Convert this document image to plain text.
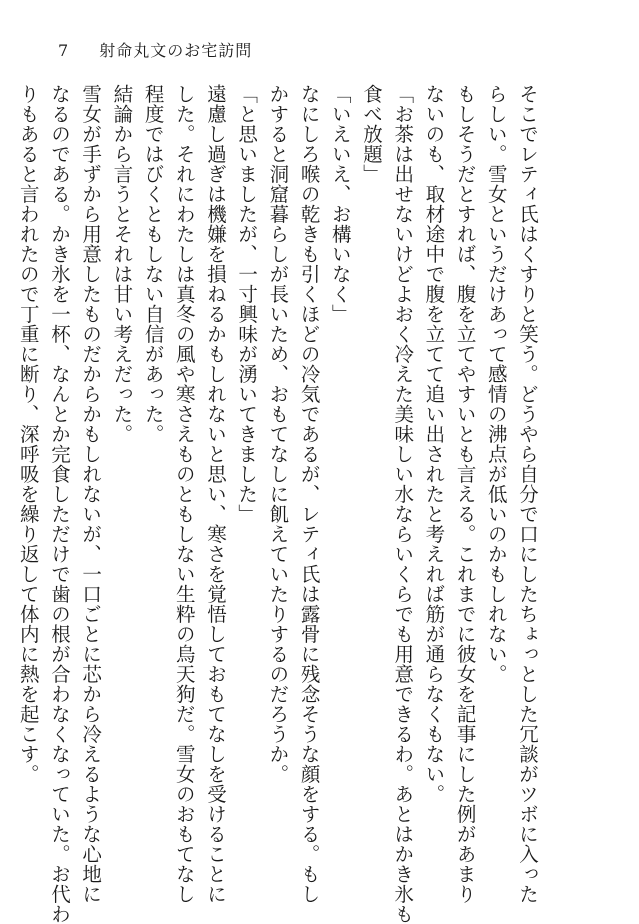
7 射命丸文のお宅訪問
そこでレティ氏はくすりと笑う。どうやら自分で口にしたちょっとした冗談がツボに入った
らしい。雪女というだけあって感情の沸点が低いのかもしれない。
もしそうだとすれば、腹を立てやすいとも言える。これまでに彼女を記事にした例があまり
ないのも、取材途中で腹を立てて追い出されたと考えれば筋が通らなくもない。
「お茶は出せないけどよおく冷えた美味しい水ならいくらでも用意できるわ。あとはかき氷も
食べ放題」
「いえいえ、お構いなく」
なにしろ喉の乾きも引くほどの冷気であるが、レティ氏は露骨に残念そうな顔をする。もし
かすると洞窟暮らしが長いため、おもてなしに飢えていたりするのだろうか。
「と思いましたが、一寸興味が湧いてきました」
遠慮し過ぎは機嫌を損ねるかもしれないと思い、寒さを覚悟しておもてなしを受けることに
した。それにわたしは真冬の風や寒さえものともしない生粋の烏天狗だ。雪女のおもてなし
程度ではびくともしない自信があった。
結論から言うとそれは甘い考えだった。
雪女が手ずから用意したものだからかもしれないが、一口ごとに芯から冷えるような心地に
なるのである。かき氷を一杯、なんとか完食しただけで歯の根が合わなくなっていた。お代わ
りもあると言われたので丁重に断り、深呼吸を繰り返して体内に熱を起こす。
